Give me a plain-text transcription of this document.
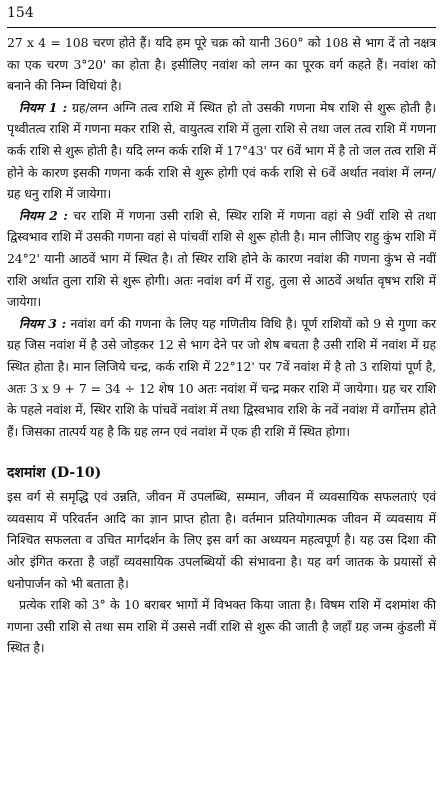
154

27 x 4 = 108 चरण होते हैं। यदि हम पूरे चक्र को यानी 360° को 108 से भाग दें तो नक्षत्र का एक चरण 3°20' का होता है। इसीलिए नवांश को लग्न का पूरक वर्ग कहते हैं। नवांश को बनाने की निम्न विधियां है।

नियम 1 : ग्रह/लग्न अग्नि तत्व राशि में स्थित हो तो उसकी गणना मेष राशि से शुरू होती है। पृथ्वीतत्व राशि में गणना मकर राशि से, वायुतत्व राशि में तुला राशि से तथा जल तत्व राशि में गणना कर्क राशि से शुरू होती है। यदि लग्न कर्क राशि में 17°43' पर 6वें भाग में है तो जल तत्व राशि में होने के कारण इसकी गणना कर्क राशि से शुरू होगी एवं कर्क राशि से 6वें अर्थात नवांश में लग्न/ग्रह धनु राशि में जायेगा।

नियम 2 : चर राशि में गणना उसी राशि से, स्थिर राशि में गणना वहां से 9वीं राशि से तथा द्विस्वभाव राशि में उसकी गणना वहां से पांचवीं राशि से शुरू होती है। मान लीजिए राहु कुंभ राशि में 24°2' यानी आठवें भाग में स्थित है। तो स्थिर राशि होने के कारण नवांश की गणना कुंभ से नवीं राशि अर्थात तुला राशि से शुरू होगी। अतः नवांश वर्ग में राहु, तुला से आठवें अर्थात वृषभ राशि में जायेगा।

नियम 3 : नवांश वर्ग की गणना के लिए यह गणितीय विधि है। पूर्ण राशियों को 9 से गुणा कर ग्रह जिस नवांश में है उसे जोड़कर 12 से भाग देने पर जो शेष बचता है उसी राशि में नवांश में ग्रह स्थित होता है। मान लिजिये चन्द्र, कर्क राशि में 22°12' पर 7वें नवांश में है तो 3 राशियां पूर्ण है, अतः 3 x 9 + 7 = 34 ÷ 12 शेष 10 अतः नवांश में चन्द्र मकर राशि में जायेगा। ग्रह चर राशि के पहले नवांश में, स्थिर राशि के पांचवें नवांश में तथा द्विस्वभाव राशि के नवें नवांश में वर्गोत्तम होते हैं। जिसका तात्पर्य यह है कि ग्रह लग्न एवं नवांश में एक ही राशि में स्थित होगा।

दशमांश (D-10)

इस वर्ग से समृद्धि एवं उन्नति, जीवन में उपलब्धि, सम्मान, जीवन में व्यवसायिक सफलताएं एवं व्यवसाय में परिवर्तन आदि का ज्ञान प्राप्त होता है। वर्तमान प्रतियोगात्मक जीवन में व्यवसाय में निश्चित सफलता व उचित मार्गदर्शन के लिए इस वर्ग का अध्ययन महत्वपूर्ण है। यह उस दिशा की ओर इंगित करता है जहाँ व्यवसायिक उपलब्धियों की संभावना है। यह वर्ग जातक के प्रयासों से धनोपार्जन को भी बताता है।

प्रत्येक राशि को 3° के 10 बराबर भागों में विभक्त किया जाता है। विषम राशि में दशमांश की गणना उसी राशि से तथा सम राशि में उससे नवीं राशि से शुरू की जाती है जहाँ ग्रह जन्म कुंडली में स्थित है।
